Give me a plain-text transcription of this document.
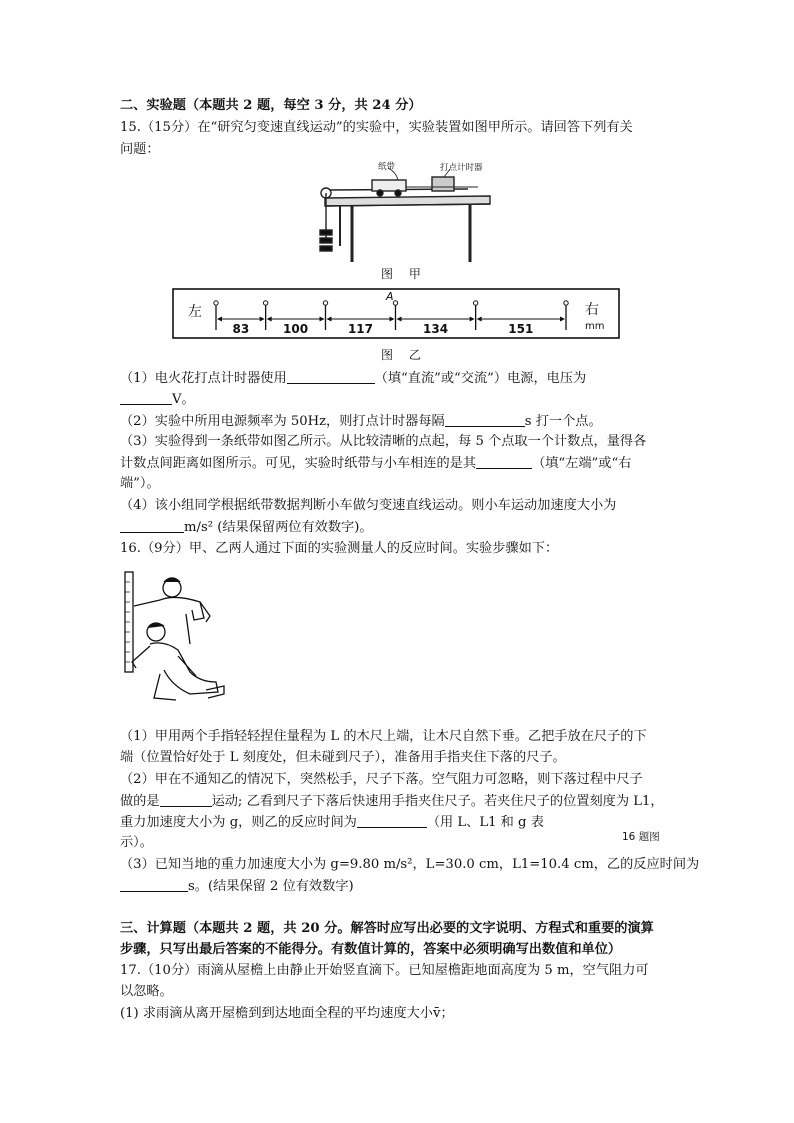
二、实验题（本题共 2 题，每空 3 分，共 24 分）
15.（15分）在“研究匀变速直线运动”的实验中，实验装置如图甲所示。请回答下列有关
问题：
纸带	打点计时器
图 甲
左	右
mm
A
83	100	117	134	151
图 乙
（1）电火花打点计时器使用	（填“直流”或“交流”）电源，电压为
V。
（2）实验中所用电源频率为 50Hz，则打点计时器每隔	s 打一个点。
（3）实验得到一条纸带如图乙所示。从比较清晰的点起，每 5 个点取一个计数点，量得各
计数点间距离如图所示。可见，实验时纸带与小车相连的是其	（填“左端”或“右
端”）。
（4）该小组同学根据纸带数据判断小车做匀变速直线运动。则小车运动加速度大小为
m/s² (结果保留两位有效数字)。
16.（9分）甲、乙两人通过下面的实验测量人的反应时间。实验步骤如下：
（1）甲用两个手指轻轻捏住量程为 L 的木尺上端，让木尺自然下垂。乙把手放在尺子的下
端（位置恰好处于 L 刻度处，但未碰到尺子），准备用手指夹住下落的尺子。
（2）甲在不通知乙的情况下，突然松手，尺子下落。空气阻力可忽略，则下落过程中尺子
做的是	运动; 乙看到尺子下落后快速用手指夹住尺子。若夹住尺子的位置刻度为 L1，
重力加速度大小为 g，则乙的反应时间为	（用 L、L1 和 g 表
示）。	16 题图
（3）已知当地的重力加速度大小为 g=9.80 m/s²，L=30.0 cm，L1=10.4 cm，乙的反应时间为
s。(结果保留 2 位有效数字)
三、计算题（本题共 2 题，共 20 分。解答时应写出必要的文字说明、方程式和重要的演算
步骤，只写出最后答案的不能得分。有数值计算的，答案中必须明确写出数值和单位）
17.（10分）雨滴从屋檐上由静止开始竖直滴下。已知屋檐距地面高度为 5 m，空气阻力可
以忽略。
(1) 求雨滴从离开屋檐到到达地面全程的平均速度大小v̄；
